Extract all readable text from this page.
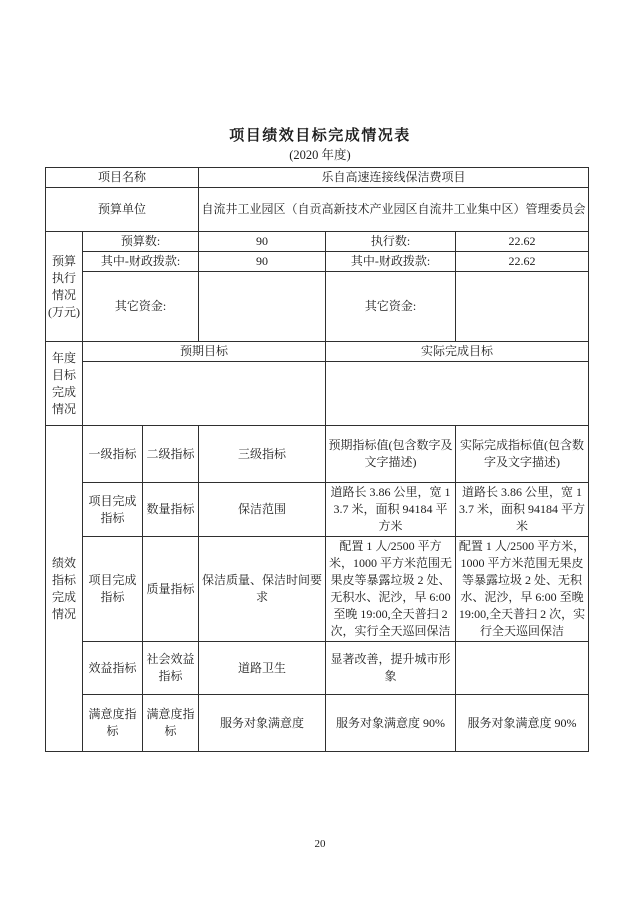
项目绩效目标完成情况表
(2020 年度)
项目名称			乐自高速连接线保洁费项目		
预算单位			自流井工业园区（自贡高新技术产业园区自流井工业集中区）管理委员会		
预算执行情况(万元)	预算数:		90	执行数:	22.62
	其中-财政拨款:		90	其中-财政拨款:	22.62
	其它资金:			其它资金:	
年度目标完成情况	预期目标			实际完成目标	

绩效指标完成情况	一级指标	二级指标	三级指标	预期指标值(包含数字及文字描述)	实际完成指标值(包含数字及文字描述)
	项目完成指标	数量指标	保洁范围	道路长 3.86 公里，宽 13.7 米，面积 94184 平方米	道路长 3.86 公里，宽 13.7 米，面积 94184 平方米
	项目完成指标	质量指标	保洁质量、保洁时间要求	配置 1 人/2500 平方米，1000 平方米范围无果皮等暴露垃圾 2 处、无积水、泥沙，早 6:00 至晚 19:00,全天普扫 2 次，实行全天巡回保洁	配置 1 人/2500 平方米，1000 平方米范围无果皮等暴露垃圾 2 处、无积水、泥沙，早 6:00 至晚 19:00,全天普扫 2 次，实行全天巡回保洁
	效益指标	社会效益指标	道路卫生	显著改善，提升城市形象	
	满意度指标	满意度指标	服务对象满意度	服务对象满意度 90%	服务对象满意度 90%
20
